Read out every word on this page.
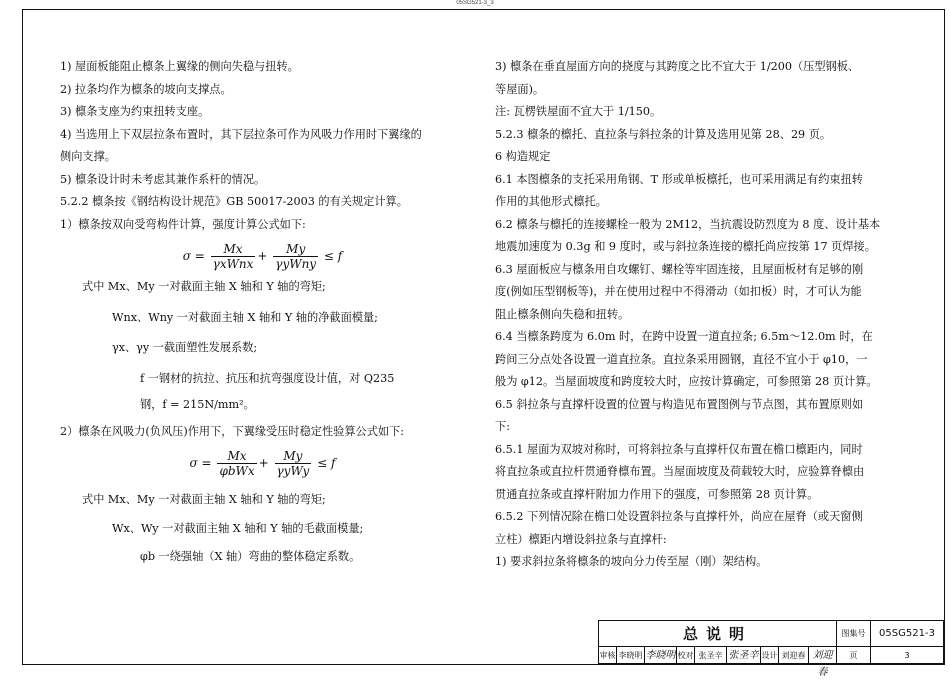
05SG521-3_3

1) 屋面板能阻止檩条上翼缘的侧向失稳与扭转。

2) 拉条均作为檩条的坡向支撑点。

3) 檩条支座为约束扭转支座。

4) 当选用上下双层拉条布置时，其下层拉条可作为风吸力作用时下翼缘的

侧向支撑。

5) 檩条设计时未考虑其兼作系杆的情况。

5.2.2 檩条按《钢结构设计规范》GB 50017-2003 的有关规定计算。

1）檩条按双向受弯构件计算，强度计算公式如下:

$\sigma = \frac{Mx}{\text{γxWnx}} + \frac{My}{\text{γyWny}} \le f$

式中 Mx、My 一对截面主轴 X 轴和 Y 轴的弯矩;

Wnx、Wny 一对截面主轴 X 轴和 Y 轴的净截面模量;

γx、γy 一截面塑性发展系数;

f 一钢材的抗拉、抗压和抗弯强度设计值，对 Q235

钢，f = 215N/mm²。

2）檩条在风吸力(负风压)作用下，下翼缘受压时稳定性验算公式如下:

$\sigma = \frac{Mx}{\text{φbWx}} + \frac{My}{\text{γyWy}} \le f$

式中 Mx、My 一对截面主轴 X 轴和 Y 轴的弯矩;

Wx、Wy 一对截面主轴 X 轴和 Y 轴的毛截面模量;

φb 一绕强轴（X 轴）弯曲的整体稳定系数。

3) 檩条在垂直屋面方向的挠度与其跨度之比不宜大于 1/200（压型钢板、

等屋面)。

注: 瓦楞铁屋面不宜大于 1/150。

5.2.3 檩条的檩托、直拉条与斜拉条的计算及选用见第 28、29 页。

6 构造规定

6.1 本图檩条的支托采用角钢、T 形或单板檩托，也可采用满足有约束扭转

作用的其他形式檩托。

6.2 檩条与檩托的连接螺栓一般为 2M12，当抗震设防烈度为 8 度、设计基本

地震加速度为 0.3g 和 9 度时，或与斜拉条连接的檩托尚应按第 17 页焊接。

6.3 屋面板应与檩条用自攻螺钉、螺栓等牢固连接，且屋面板材有足够的刚

度(例如压型钢板等)，并在使用过程中不得滑动（如扣板）时，才可认为能

阻止檩条侧向失稳和扭转。

6.4 当檩条跨度为 6.0m 时，在跨中设置一道直拉条; 6.5m～12.0m 时，在

跨间三分点处各设置一道直拉条。直拉条采用圆钢，直径不宜小于 φ10，一

般为 φ12。当屋面坡度和跨度较大时，应按计算确定，可参照第 28 页计算。

6.5 斜拉条与直撑杆设置的位置与构造见布置图例与节点图，其布置原则如

下:

6.5.1 屋面为双坡对称时，可将斜拉条与直撑杆仅布置在檐口檩距内，同时

将直拉条或直拉杆贯通脊檩布置。当屋面坡度及荷载较大时，应验算脊檩由

贯通直拉条或直撑杆附加力作用下的强度，可参照第 28 页计算。

6.5.2 下列情况除在檐口处设置斜拉条与直撑杆外，尚应在屋脊（或天窗侧

立柱）檩距内增设斜拉条与直撑杆:

1) 要求斜拉条将檩条的坡向分力传至屋（刚）架结构。

总说明	图集号	05SG521-3
审核 李晓明 李晓明 校对 张圣辛 张圣辛 设计 刘迎春 刘迎春
页	3
